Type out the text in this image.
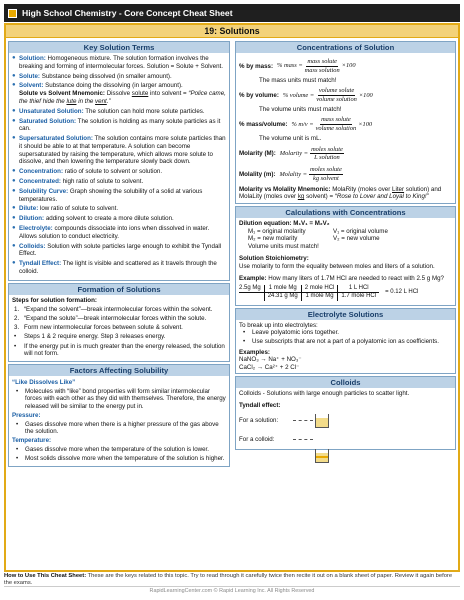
High School Chemistry - Core Concept Cheat Sheet
19: Solutions
Key Solution Terms
● Solution: Homogeneous mixture. The solution formation involves the breaking and forming of intermolecular forces. Solution = Solute + Solvent.
● Solute: Substance being dissolved (in smaller amount).
● Solvent: Substance doing the dissolving (in larger amount).
Solute vs Solvent Mnemonic: Dissolve solute into solvent = “Police came, the thief hide the lute in the vent.”
● Unsaturated Solution: The solution can hold more solute particles.
● Saturated Solution: The solution is holding as many solute particles as it can.
● Supersaturated Solution: The solution contains more solute particles than it should be able to at that temperature. A solution can become supersaturated by raising the temperature, which allows more solute to dissolve, and then lowering the temperature slowly back down.
● Concentration: ratio of solute to solvent or solution.
● Concentrated: high ratio of solute to solvent.
● Solubility Curve: Graph showing the solubility of a solid at various temperatures.
● Dilute: low ratio of solute to solvent.
● Dilution: adding solvent to create a more dilute solution.
● Electrolyte: compounds dissociate into ions when dissolved in water. Allows solution to conduct electricity.
● Colloids: Solution with solute particles large enough to exhibit the Tyndall Effect.
● Tyndall Effect: The light is visible and scattered as it travels through the colloid.
Formation of Solutions
Steps for solution formation:
1. “Expand the solvent”—break intermolecular forces within the solvent.
2. “Expand the solute”—break intermolecular forces within the solute.
3. Form new intermolecular forces between solute & solvent.
•	Steps 1 & 2 require energy. Step 3 releases energy.
•	If the energy put in is much greater than the energy released, the solution will not form.
Factors Affecting Solubility
“Like Dissolves Like”
•	Molecules with “like” bond properties will form similar intermolecular forces with each other as they did with themselves. Therefore, the energy released will be similar to the energy put in.
Pressure:
•	Gases dissolve more when there is a higher pressure of the gas above the solution.
Temperature:
•	Gases dissolve more when the temperature of the solution is lower.
•	Most solids dissolve more when the temperature of the solution is higher.
Concentrations of Solution
% by mass: % mass = $\frac{\text{mass solute}}{\text{mass solution}} \times 100$
The mass units must match!
% by volume: % volume = $\frac{\text{volume solute}}{\text{volume solution}} \times 100$
The volume units must match!
% mass/volume: % $m/v = \frac{\text{mass solute}}{\text{volume solution}} \times 100$
The volume unit is mL.
Molarity (M): Molarity = $\frac{\text{moles solute}}{\text{L solution}}$
Molality (m): Molality = $\frac{\text{moles solute}}{\text{kg solvent}}$
Molarity vs Molality Mnemonic: MolaRity (moles over Liter solution) and MolaLity (moles over kg solvent) = “Rose to Lover and Loyal to King!”
Calculations with Concentrations
Dilution equation: M₁V₁ = M₂V₂
M₁ = original molarity	V₁ = original volume
M₂ = new molarity	V₂ = new volume
Volume units must match!
Solution Stoichiometry:
Use molarity to form the equality between moles and liters of a solution.
Example: How many liters of 1.7M HCl are needed to react with 2.5 g Mg?
2.5g Mg	1 mole Mg	2 mole HCl	1 L HCl	= 0.12 L HCl
	24.31 g Mg	1 mole Mg	1.7 mole HCl	
Electrolyte Solutions
To break up into electrolytes:
•	Leave polyatomic ions together.
•	Use subscripts that are not a part of a polyatomic ion as coefficients.
Examples:
NaNO₃ → Na⁺ + NO₃⁻
CaCl₂ → Ca²⁺ + 2 Cl⁻
Colloids
Colloids - Solutions with large enough particles to scatter light.
Tyndall effect:
For a solution:
For a colloid:
How to Use This Cheat Sheet: These are the keys related to this topic. Try to read through it carefully twice then recite it out on a blank sheet of paper. Review it again before the exams.
RapidLearningCenter.com © Rapid Learning Inc. All Rights Reserved
